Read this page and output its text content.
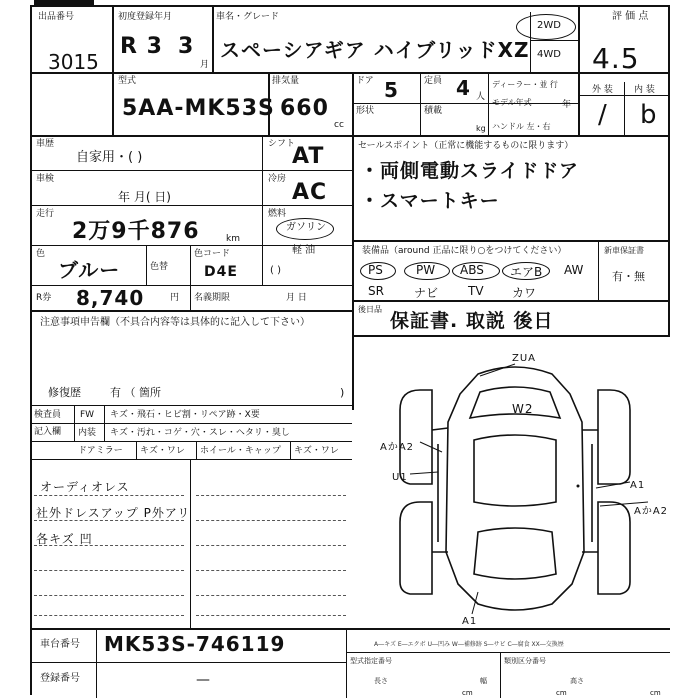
出品番号
3015
初度登録年月
R 3 3
月
車名・グレード
スペーシアギア ハイブリッドXZ
2WD
4WD
評 価 点
4.5
外 装 内 装
/ b
型式
5AA-MK53S
排気量
660
cc
ドア 5	定員 4 人
ディーラー・並 行
モデル年式	年
形状	積載
kg ハンドル 左・右
車歴
自家用・( )
シフト
AT
車検
年 月( 日)
冷房
AC
走行
2万9千876	km
燃料
ガソリン
軽 油
( )
色
ブルー	色替
色コード
D4E
R券 8,740	円 名義期限	月 日
セールスポイント（正常に機能するものに限ります）
・両側電動スライドドア
・スマートキー
装備品（around 正品に限り○をつけてください）	新車保証書
有・無
PS	PW ABS エアB AW
SR	ナビ TV カワ
後日品
保証書. 取説 後日
注意事項申告欄（不具合内容等は具体的に記入して下さい）
修復歴	有 （ 箇所	)
検査員
記入欄
FW キズ・飛石・ヒビ割・リペア跡・X要
内装 キズ・汚れ・コゲ・穴・スレ・ヘタリ・臭し
ドアミラー キズ・ワレ ホイール・キャップ キズ・ワレ
オーディオレス
社外ドレスアップ P外アリ
各キズ 凹
ZUA
W2
AかA2
U1
A1
AかA2
A1
車台番号 MK53S-746119
登録番号	—
A―キズ E―エクボ U―凹み W―補修跡 S―サビ C―腐食 XX―交換歴
型式指定番号	類別区分番号
長さ	幅	高さ
cm	cm	cm
